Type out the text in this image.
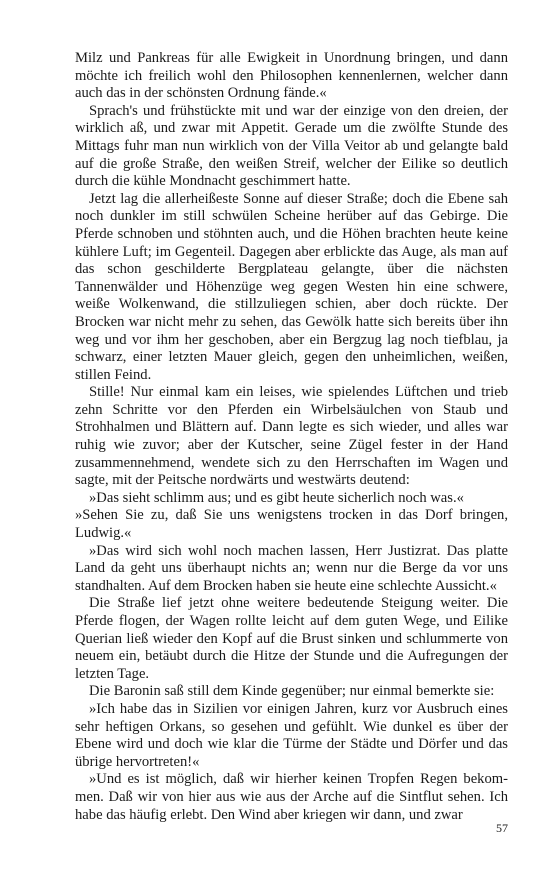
Milz und Pankreas für alle Ewigkeit in Unordnung bringen, und dann möchte ich freilich wohl den Philosophen kennenlernen, welcher dann auch das in der schönsten Ordnung fände.«

Sprach's und frühstückte mit und war der einzige von den dreien, der wirklich aß, und zwar mit Appetit. Gerade um die zwölfte Stunde des Mittags fuhr man nun wirklich von der Villa Veitor ab und gelangte bald auf die große Straße, den weißen Streif, welcher der Eilike so deutlich durch die kühle Mondnacht geschimmert hatte.

Jetzt lag die allerheißeste Sonne auf dieser Straße; doch die Ebene sah noch dunkler im still schwülen Scheine herüber auf das Gebirge. Die Pferde schnoben und stöhnten auch, und die Höhen brachten heute keine kühlere Luft; im Gegenteil. Dagegen aber erblickte das Auge, als man auf das schon geschilderte Bergplateau gelangte, über die nächsten Tannenwälder und Höhenzüge weg gegen Westen hin eine schwere, weiße Wolkenwand, die stillzuliegen schien, aber doch rückte. Der Brocken war nicht mehr zu sehen, das Gewölk hatte sich bereits über ihn weg und vor ihm her geschoben, aber ein Bergzug lag noch tiefblau, ja schwarz, einer letzten Mauer gleich, gegen den unheimlichen, weißen, stillen Feind.

Stille! Nur einmal kam ein leises, wie spielendes Lüftchen und trieb zehn Schritte vor den Pferden ein Wirbelsäulchen von Staub und Strohhalmen und Blättern auf. Dann legte es sich wieder, und alles war ruhig wie zuvor; aber der Kutscher, seine Zügel fester in der Hand zusammennehmend, wendete sich zu den Herrschaften im Wagen und sagte, mit der Peitsche nordwärts und westwärts deutend:

»Das sieht schlimm aus; und es gibt heute sicherlich noch was.«

»Sehen Sie zu, daß Sie uns wenigstens trocken in das Dorf bringen, Ludwig.«

»Das wird sich wohl noch machen lassen, Herr Justizrat. Das platte Land da geht uns überhaupt nichts an; wenn nur die Berge da vor uns standhalten. Auf dem Brocken haben sie heute eine schlechte Aussicht.«

Die Straße lief jetzt ohne weitere bedeutende Steigung weiter. Die Pferde flogen, der Wagen rollte leicht auf dem guten Wege, und Eilike Querian ließ wieder den Kopf auf die Brust sinken und schlummerte von neuem ein, betäubt durch die Hitze der Stunde und die Aufregungen der letzten Tage.

Die Baronin saß still dem Kinde gegenüber; nur einmal bemerkte sie:

»Ich habe das in Sizilien vor einigen Jahren, kurz vor Ausbruch eines sehr heftigen Orkans, so gesehen und gefühlt. Wie dunkel es über der Ebene wird und doch wie klar die Türme der Städte und Dörfer und das übrige hervortreten!«

»Und es ist möglich, daß wir hierher keinen Tropfen Regen bekommen. Daß wir von hier aus wie aus der Arche auf die Sintflut sehen. Ich habe das häufig erlebt. Den Wind aber kriegen wir dann, und zwar

57
